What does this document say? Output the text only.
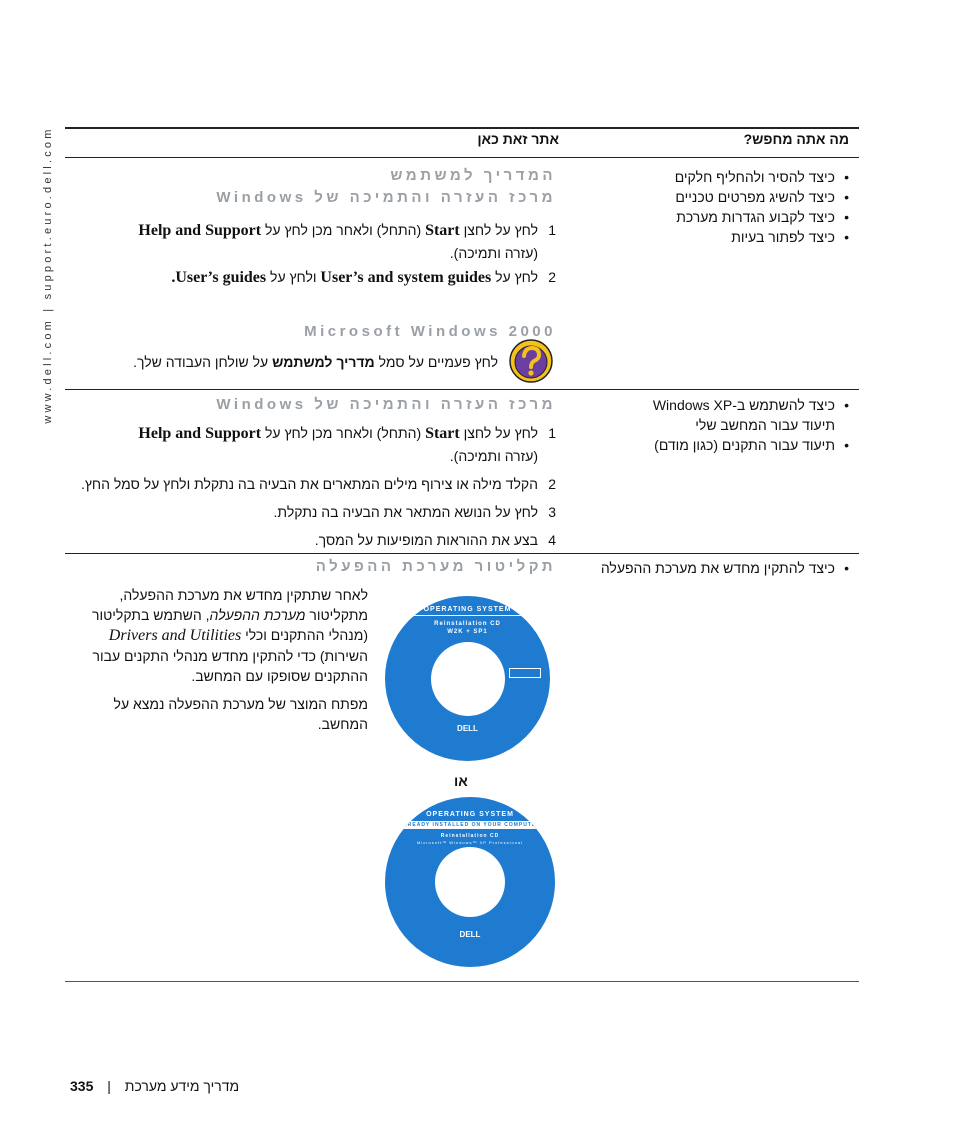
www.dell.com | support.euro.dell.com	אתר זאת כאן	מה אתה מחפש?
• כיצד להסיר ולהחליף חלקים
• כיצד להשיג מפרטים טכניים
• כיצד לקבוע הגדרות מערכת
• כיצד לפתור בעיות
המדריך למשתמש
מרכז העזרה והתמיכה של Windows
1
לחץ על לחצן Start (התחל) ולאחר מכן לחץ על Help and Support
(עזרה ותמיכה).
2
לחץ על User’s and system guides ולחץ על User’s guides.
Microsoft Windows 2000
לחץ פעמיים על סמל מדריך למשתמש על שולחן העבודה שלך.
• כיצד להשתמש ב-Windows XP
תיעוד עבור המחשב שלי
• תיעוד עבור התקנים (כגון מודם)
מרכז העזרה והתמיכה של Windows
1
לחץ על לחצן Start (התחל) ולאחר מכן לחץ על Help and Support
(עזרה ותמיכה).
2
הקלד מילה או צירוף מילים המתארים את הבעיה בה נתקלת ולחץ על סמל החץ.
3
לחץ על הנושא המתאר את הבעיה בה נתקלת.
4
בצע את ההוראות המופיעות על המסך.
• כיצד להתקין מחדש את מערכת ההפעלה
תקליטור מערכת ההפעלה
לאחר שתתקין מחדש את מערכת ההפעלה,
מתקליטור מערכת ההפעלה, השתמש בתקליטור
(מנהלי ההתקנים וכלי Drivers and Utilities
השירות) כדי להתקין מחדש מנהלי התקנים עבור
ההתקנים שסופקו עם המחשב.
מפתח המוצר של מערכת ההפעלה נמצא על המחשב.
OPERATING SYSTEM
Reinstallation CD
W2K + SP1

DELL
או
OPERATING SYSTEM
ALREADY INSTALLED ON YOUR COMPUTER
Reinstallation CD
Microsoft™ Windows™ XP Professional
DELL
335 | מדריך מידע מערכת
